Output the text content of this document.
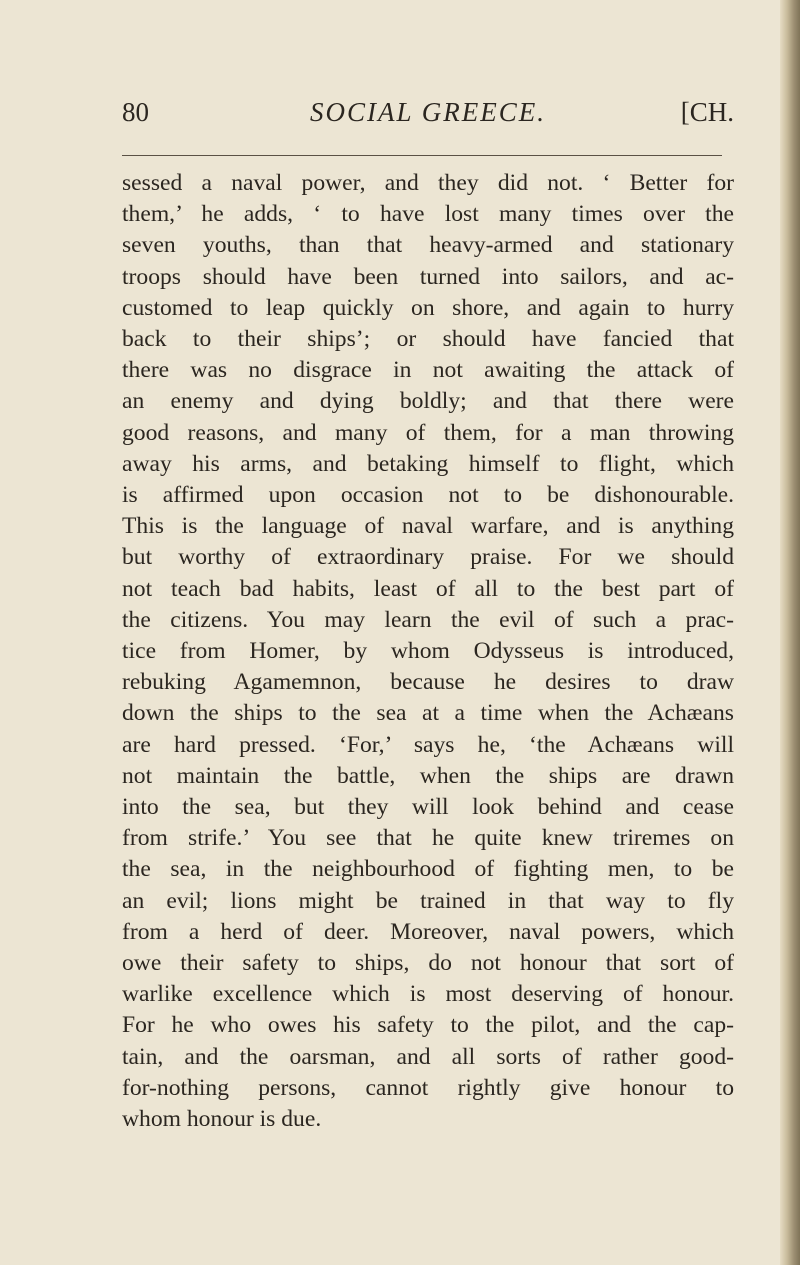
80	SOCIAL GREECE.	[CH.
sessed a naval power, and they did not. ‘ Better for
them,’ he adds, ‘ to have lost many times over the
seven youths, than that heavy-armed and stationary
troops should have been turned into sailors, and ac-
customed to leap quickly on shore, and again to hurry
back to their ships’; or should have fancied that
there was no disgrace in not awaiting the attack of
an enemy and dying boldly; and that there were
good reasons, and many of them, for a man throwing
away his arms, and betaking himself to flight, which
is affirmed upon occasion not to be dishonourable.
This is the language of naval warfare, and is anything
but worthy of extraordinary praise. For we should
not teach bad habits, least of all to the best part of
the citizens. You may learn the evil of such a prac-
tice from Homer, by whom Odysseus is introduced,
rebuking Agamemnon, because he desires to draw
down the ships to the sea at a time when the Achæans
are hard pressed. ‘For,’ says he, ‘the Achæans will
not maintain the battle, when the ships are drawn
into the sea, but they will look behind and cease
from strife.’ You see that he quite knew triremes on
the sea, in the neighbourhood of fighting men, to be
an evil; lions might be trained in that way to fly
from a herd of deer. Moreover, naval powers, which
owe their safety to ships, do not honour that sort of
warlike excellence which is most deserving of honour.
For he who owes his safety to the pilot, and the cap-
tain, and the oarsman, and all sorts of rather good-
for-nothing persons, cannot rightly give honour to
whom honour is due.
